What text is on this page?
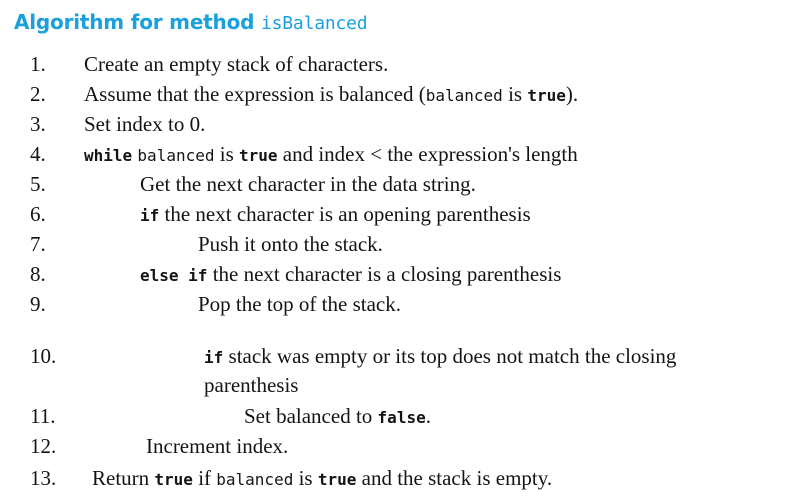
Algorithm for method isBalanced
1. Create an empty stack of characters.
2. Assume that the expression is balanced (balanced is true).
3. Set index to 0.
4. while balanced is true and index < the expression's length
5.	Get the next character in the data string.
6.	if the next character is an opening parenthesis
7.	Push it onto the stack.
8.	else if the next character is a closing parenthesis
9.	Pop the top of the stack.
10.	if stack was empty or its top does not match the closing
parenthesis
11.	Set balanced to false.
12.	Increment index.
13. Return true if balanced is true and the stack is empty.
